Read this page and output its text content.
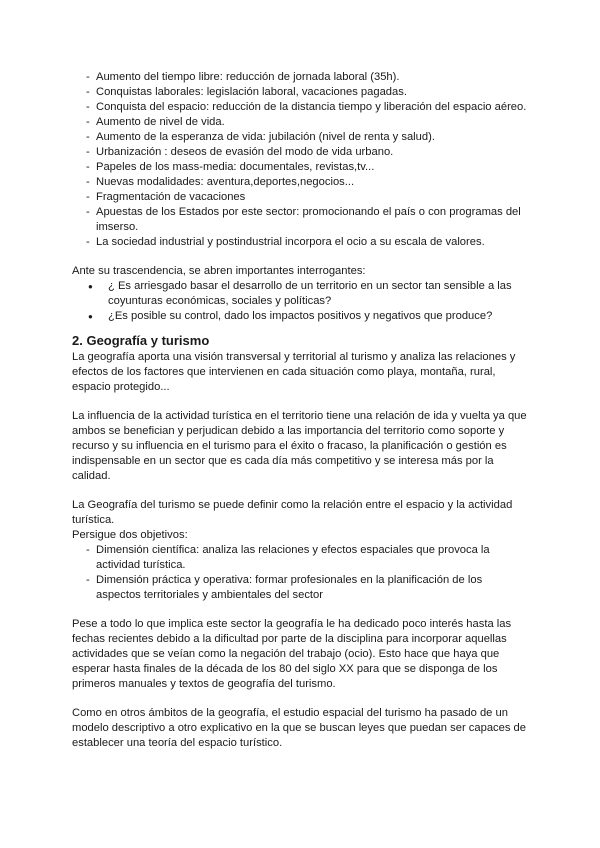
- Aumento del tiempo libre: reducción de jornada laboral (35h).
- Conquistas laborales: legislación laboral, vacaciones pagadas.
- Conquista del espacio: reducción de la distancia tiempo y liberación del espacio aéreo.
- Aumento de nivel de vida.
- Aumento de la esperanza de vida: jubilación (nivel de renta y salud).
- Urbanización : deseos de evasión del modo de vida urbano.
- Papeles de los mass-media: documentales, revistas,tv...
- Nuevas modalidades: aventura,deportes,negocios...
- Fragmentación de vacaciones
- Apuestas de los Estados por este sector: promocionando el país o con programas del imserso.
- La sociedad industrial y postindustrial incorpora el ocio a su escala de valores.

Ante su trascendencia, se abren importantes interrogantes:

● ¿ Es arriesgado basar el desarrollo de un territorio en un sector tan sensible a las coyunturas económicas, sociales y políticas?
● ¿Es posible su control, dado los impactos positivos y negativos que produce?
2. Geografía y turismo

La geografía aporta una visión transversal y territorial al turismo y analiza las relaciones y efectos de los factores que intervienen en cada situación como playa, montaña, rural, espacio protegido...

La influencia de la actividad turística en el territorio tiene una relación de ida y vuelta ya que ambos se benefician y perjudican debido a las importancia del territorio como soporte y recurso y su influencia en el turismo para el éxito o fracaso, la planificación o gestión es indispensable en un sector que es cada día más competitivo y se interesa más por la calidad.

La Geografía del turismo se puede definir como la relación entre el espacio y la actividad turística.

Persigue dos objetivos:

- Dimensión científica: analiza las relaciones y efectos espaciales que provoca la actividad turística.
- Dimensión práctica y operativa: formar profesionales en la planificación de los aspectos territoriales y ambientales del sector

Pese a todo lo que implica este sector la geografía le ha dedicado poco interés hasta las fechas recientes debido a la dificultad por parte de la disciplina para incorporar aquellas actividades que se veían como la negación del trabajo (ocio). Esto hace que haya que esperar hasta finales de la década de los 80 del siglo XX para que se disponga de los primeros manuales y textos de geografía del turismo.

Como en otros ámbitos de la geografía, el estudio espacial del turismo ha pasado de un modelo descriptivo a otro explicativo en la que se buscan leyes que puedan ser capaces de establecer una teoría del espacio turístico.
